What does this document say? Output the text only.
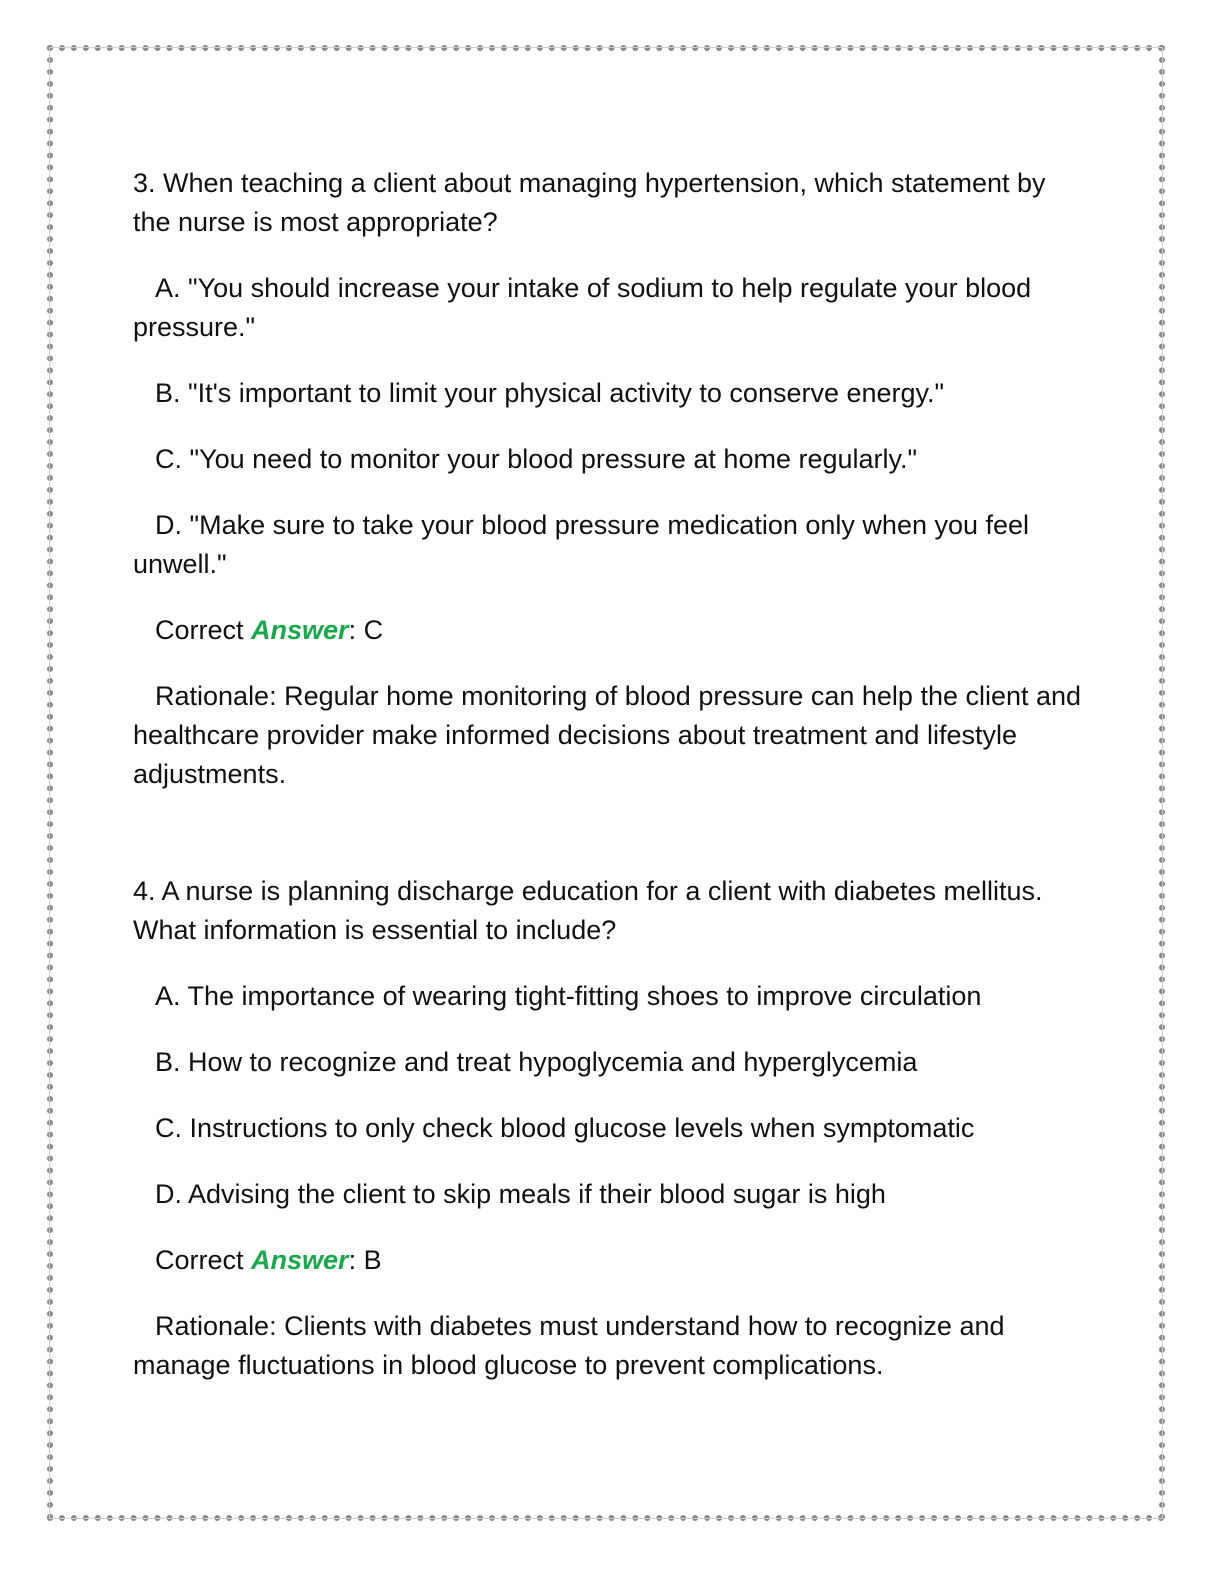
3. When teaching a client about managing hypertension, which statement by the nurse is most appropriate?

A. "You should increase your intake of sodium to help regulate your blood pressure."

B. "It's important to limit your physical activity to conserve energy."

C. "You need to monitor your blood pressure at home regularly."

D. "Make sure to take your blood pressure medication only when you feel unwell."

Correct Answer: C

Rationale: Regular home monitoring of blood pressure can help the client and healthcare provider make informed decisions about treatment and lifestyle adjustments.

4. A nurse is planning discharge education for a client with diabetes mellitus. What information is essential to include?

A. The importance of wearing tight-fitting shoes to improve circulation

B. How to recognize and treat hypoglycemia and hyperglycemia

C. Instructions to only check blood glucose levels when symptomatic

D. Advising the client to skip meals if their blood sugar is high

Correct Answer: B

Rationale: Clients with diabetes must understand how to recognize and manage fluctuations in blood glucose to prevent complications.
